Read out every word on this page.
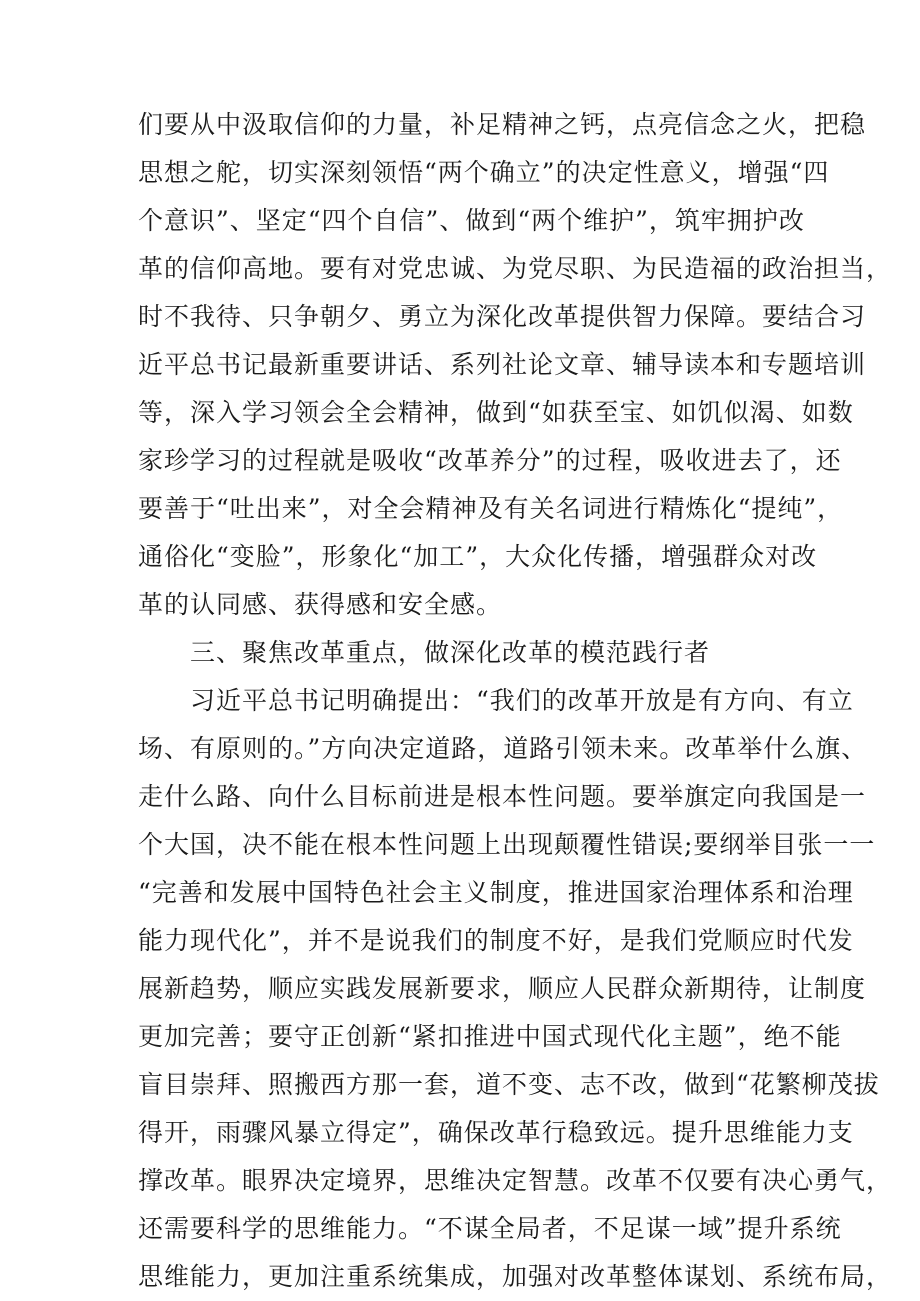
们要从中汲取信仰的力量，补足精神之钙，点亮信念之火，把稳
思想之舵，切实深刻领悟“两个确立”的决定性意义，增强“四
个意识”、坚定“四个自信”、做到“两个维护”，筑牢拥护改
革的信仰高地。要有对党忠诚、为党尽职、为民造福的政治担当，
时不我待、只争朝夕、勇立为深化改革提供智力保障。要结合习
近平总书记最新重要讲话、系列社论文章、辅导读本和专题培训
等，深入学习领会全会精神，做到“如获至宝、如饥似渴、如数
家珍学习的过程就是吸收“改革养分”的过程，吸收进去了，还
要善于“吐出来”，对全会精神及有关名词进行精炼化“提纯”，
通俗化“变脸”，形象化“加工”，大众化传播，增强群众对改
革的认同感、获得感和安全感。
　　三、聚焦改革重点，做深化改革的模范践行者
　　习近平总书记明确提出：“我们的改革开放是有方向、有立
场、有原则的。”方向决定道路，道路引领未来。改革举什么旗、
走什么路、向什么目标前进是根本性问题。要举旗定向我国是一
个大国，决不能在根本性问题上出现颠覆性错误;要纲举目张一一
“完善和发展中国特色社会主义制度，推进国家治理体系和治理
能力现代化”，并不是说我们的制度不好，是我们党顺应时代发
展新趋势，顺应实践发展新要求，顺应人民群众新期待，让制度
更加完善；要守正创新“紧扣推进中国式现代化主题”，绝不能
盲目崇拜、照搬西方那一套，道不变、志不改，做到“花繁柳茂拔
得开，雨骤风暴立得定”，确保改革行稳致远。提升思维能力支
撑改革。眼界决定境界，思维决定智慧。改革不仅要有决心勇气，
还需要科学的思维能力。“不谋全局者，不足谋一域”提升系统
思维能力，更加注重系统集成，加强对改革整体谋划、系统布局，
